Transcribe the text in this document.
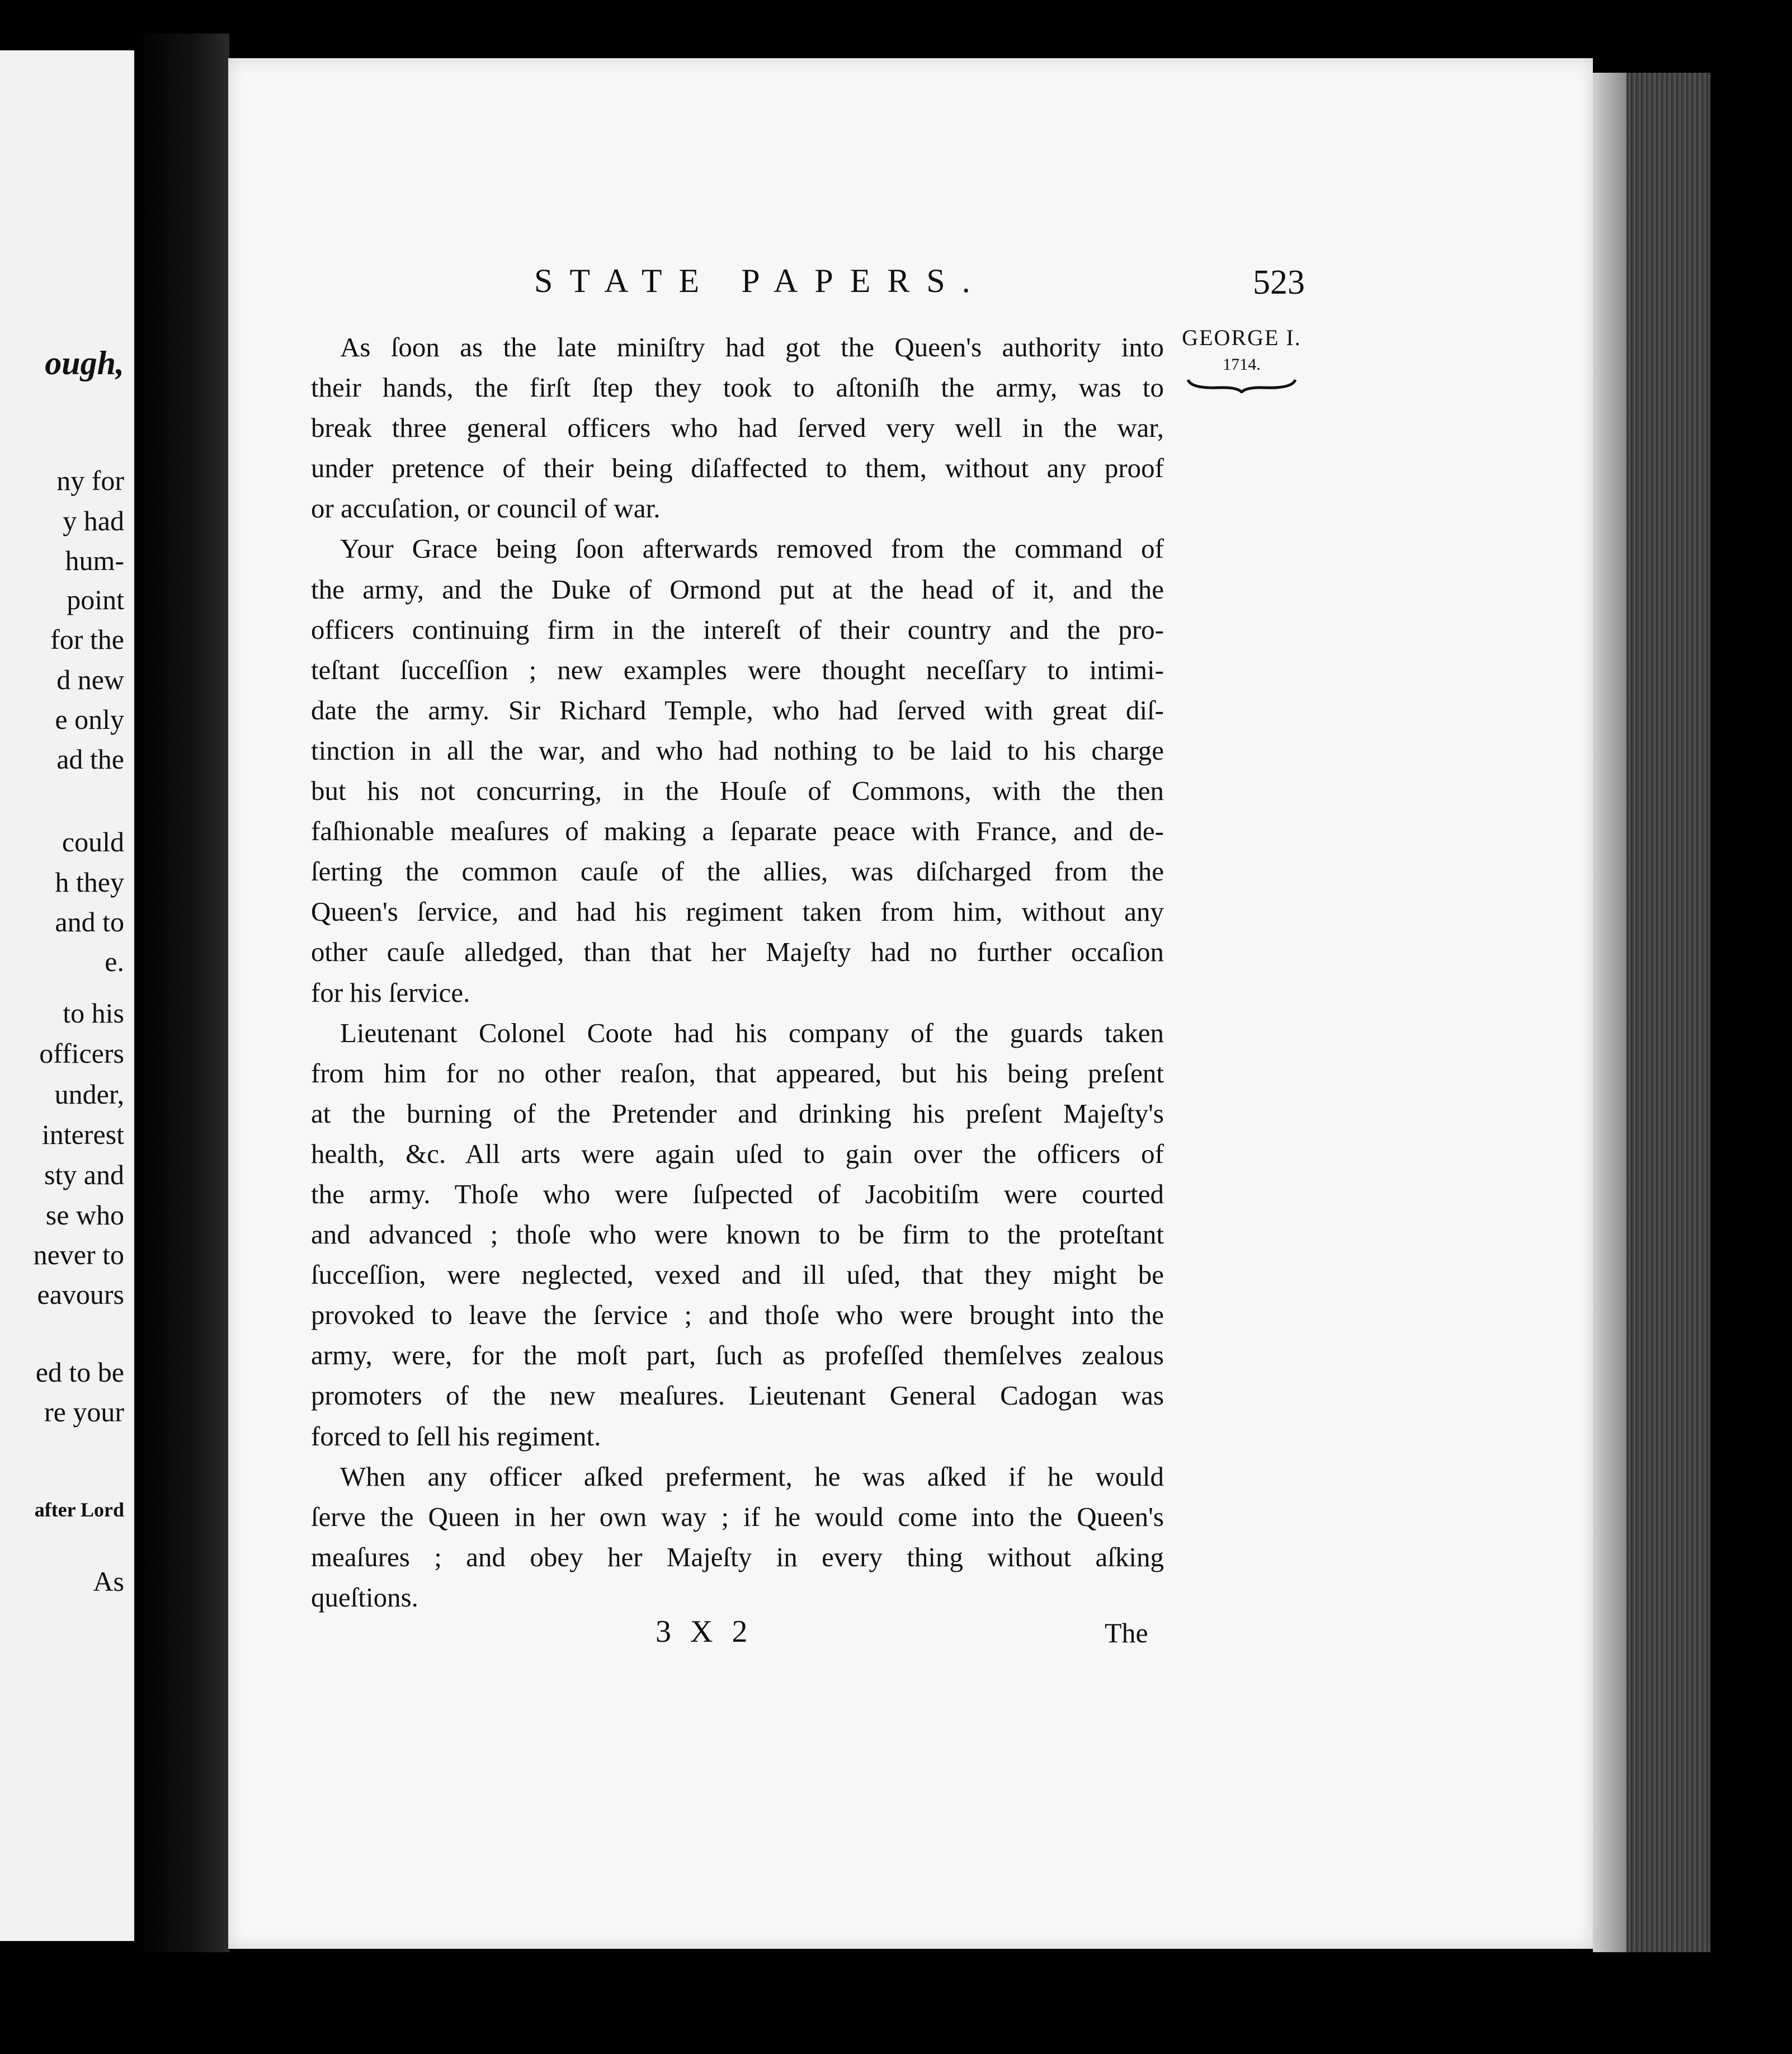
ough,
ny for
y had
hum-
point
for the
d new
e only
ad the
could
h they
and to
e.
to his
officers
under,
interest
sty and
se who
never to
eavours
ed to be
re your
after Lord
As
STATE PAPERS.	523
GEORGE I.
1714.
As ſoon as the late miniſtry had got the Queen's authority into
their hands, the firſt ſtep they took to aſtoniſh the army, was to
break three general officers who had ſerved very well in the war,
under pretence of their being diſaffected to them, without any proof
or accuſation, or council of war.
Your Grace being ſoon afterwards removed from the command of
the army, and the Duke of Ormond put at the head of it, and the
officers continuing firm in the intereſt of their country and the pro-
teſtant ſucceſſion ; new examples were thought neceſſary to intimi-
date the army. Sir Richard Temple, who had ſerved with great diſ-
tinction in all the war, and who had nothing to be laid to his charge
but his not concurring, in the Houſe of Commons, with the then
faſhionable meaſures of making a ſeparate peace with France, and de-
ſerting the common cauſe of the allies, was diſcharged from the
Queen's ſervice, and had his regiment taken from him, without any
other cauſe alledged, than that her Majeſty had no further occaſion
for his ſervice.
Lieutenant Colonel Coote had his company of the guards taken
from him for no other reaſon, that appeared, but his being preſent
at the burning of the Pretender and drinking his preſent Majeſty's
health, &c. All arts were again uſed to gain over the officers of
the army. Thoſe who were ſuſpected of Jacobitiſm were courted
and advanced ; thoſe who were known to be firm to the proteſtant
ſucceſſion, were neglected, vexed and ill uſed, that they might be
provoked to leave the ſervice ; and thoſe who were brought into the
army, were, for the moſt part, ſuch as profeſſed themſelves zealous
promoters of the new meaſures. Lieutenant General Cadogan was
forced to ſell his regiment.
When any officer aſked preferment, he was aſked if he would
ſerve the Queen in her own way ; if he would come into the Queen's
meaſures ; and obey her Majeſty in every thing without aſking
queſtions.
3 X 2	The
